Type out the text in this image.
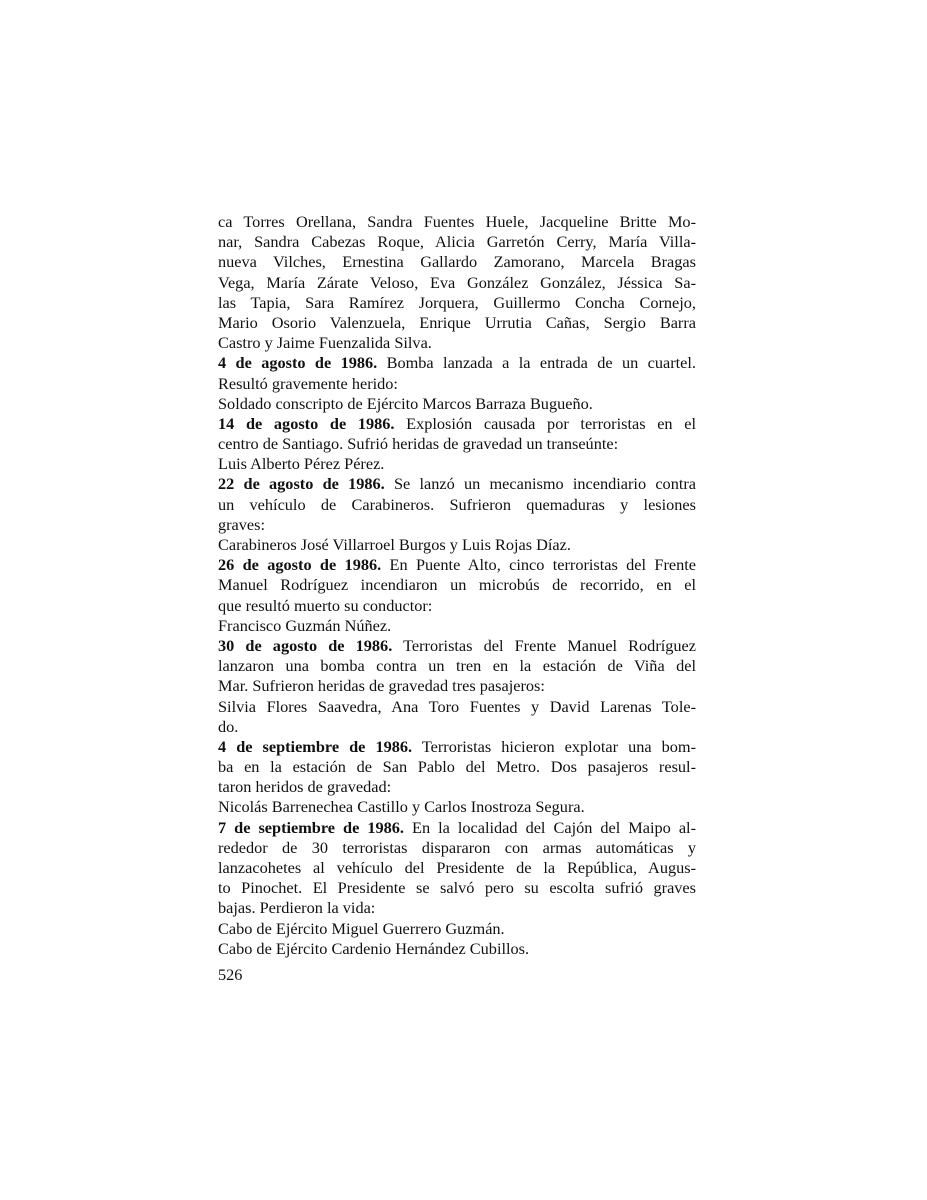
ca Torres Orellana, Sandra Fuentes Huele, Jacqueline Britte Mo-
nar, Sandra Cabezas Roque, Alicia Garretón Cerry, María Villa-
nueva Vilches, Ernestina Gallardo Zamorano, Marcela Bragas
Vega, María Zárate Veloso, Eva González González, Jéssica Sa-
las Tapia, Sara Ramírez Jorquera, Guillermo Concha Cornejo,
Mario Osorio Valenzuela, Enrique Urrutia Cañas, Sergio Barra
Castro y Jaime Fuenzalida Silva.
4 de agosto de 1986. Bomba lanzada a la entrada de un cuartel.
Resultó gravemente herido:
Soldado conscripto de Ejército Marcos Barraza Bugueño.
14 de agosto de 1986. Explosión causada por terroristas en el
centro de Santiago. Sufrió heridas de gravedad un transeúnte:
Luis Alberto Pérez Pérez.
22 de agosto de 1986. Se lanzó un mecanismo incendiario contra
un vehículo de Carabineros. Sufrieron quemaduras y lesiones
graves:
Carabineros José Villarroel Burgos y Luis Rojas Díaz.
26 de agosto de 1986. En Puente Alto, cinco terroristas del Frente
Manuel Rodríguez incendiaron un microbús de recorrido, en el
que resultó muerto su conductor:
Francisco Guzmán Núñez.
30 de agosto de 1986. Terroristas del Frente Manuel Rodríguez
lanzaron una bomba contra un tren en la estación de Viña del
Mar. Sufrieron heridas de gravedad tres pasajeros:
Silvia Flores Saavedra, Ana Toro Fuentes y David Larenas Tole-
do.
4 de septiembre de 1986. Terroristas hicieron explotar una bom-
ba en la estación de San Pablo del Metro. Dos pasajeros resul-
taron heridos de gravedad:
Nicolás Barrenechea Castillo y Carlos Inostroza Segura.
7 de septiembre de 1986. En la localidad del Cajón del Maipo al-
rededor de 30 terroristas dispararon con armas automáticas y
lanzacohetes al vehículo del Presidente de la República, Augus-
to Pinochet. El Presidente se salvó pero su escolta sufrió graves
bajas. Perdieron la vida:
Cabo de Ejército Miguel Guerrero Guzmán.
Cabo de Ejército Cardenio Hernández Cubillos.
526
